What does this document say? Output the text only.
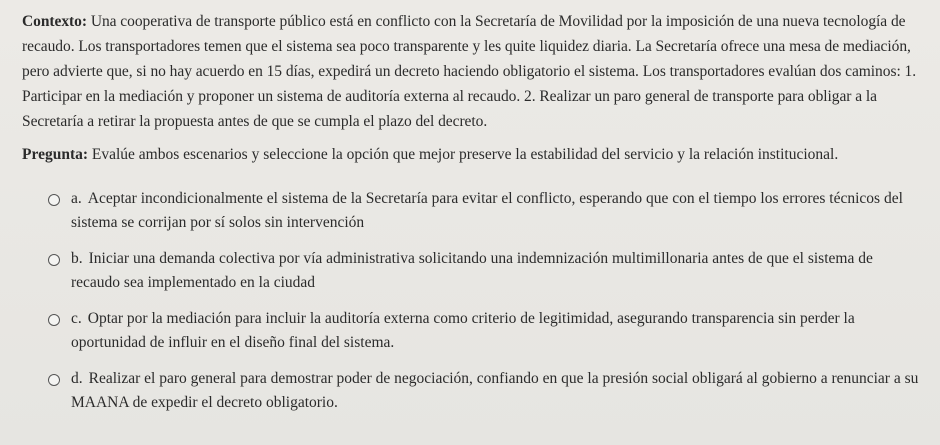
Contexto: Una cooperativa de transporte público está en conflicto con la Secretaría de Movilidad por la imposición de una nueva tecnología de recaudo. Los transportadores temen que el sistema sea poco transparente y les quite liquidez diaria. La Secretaría ofrece una mesa de mediación, pero advierte que, si no hay acuerdo en 15 días, expedirá un decreto haciendo obligatorio el sistema. Los transportadores evalúan dos caminos: 1. Participar en la mediación y proponer un sistema de auditoría externa al recaudo. 2. Realizar un paro general de transporte para obligar a la Secretaría a retirar la propuesta antes de que se cumpla el plazo del decreto.

Pregunta: Evalúe ambos escenarios y seleccione la opción que mejor preserve la estabilidad del servicio y la relación institucional.

a. Aceptar incondicionalmente el sistema de la Secretaría para evitar el conflicto, esperando que con el tiempo los errores técnicos del sistema se corrijan por sí solos sin intervención
b. Iniciar una demanda colectiva por vía administrativa solicitando una indemnización multimillonaria antes de que el sistema de recaudo sea implementado en la ciudad
c. Optar por la mediación para incluir la auditoría externa como criterio de legitimidad, asegurando transparencia sin perder la oportunidad de influir en el diseño final del sistema.
d. Realizar el paro general para demostrar poder de negociación, confiando en que la presión social obligará al gobierno a renunciar a su MAANA de expedir el decreto obligatorio.
